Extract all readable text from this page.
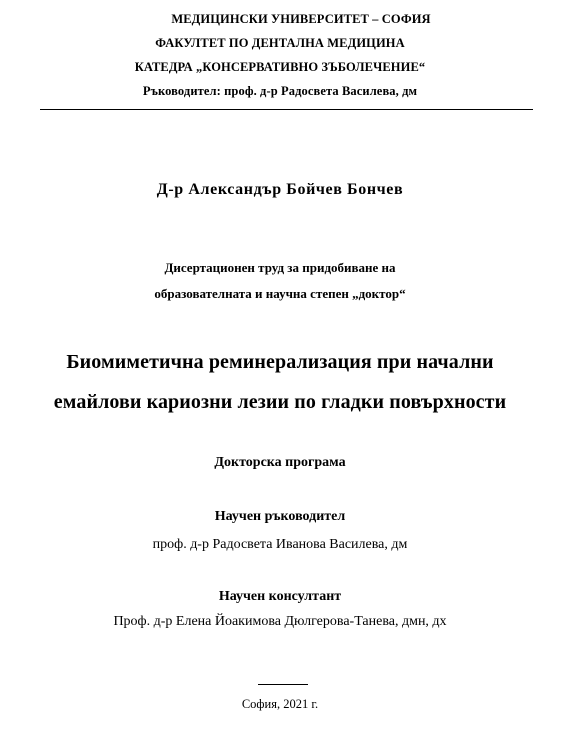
МЕДИЦИНСКИ УНИВЕРСИТЕТ – СОФИЯ
ФАКУЛТЕТ ПО ДЕНТАЛНА МЕДИЦИНА
КАТЕДРА „КОНСЕРВАТИВНО ЗЪБОЛЕЧЕНИЕ“
Ръководител: проф. д-р Радосвета Василева, дм
Д-р Александър Бойчев Бончев
Дисертационен труд за придобиване на
образователната и научна степен „доктор“
Биомиметична реминерализация при начални
емайлови кариозни лезии по гладки повърхности
Докторска програма
Научен ръководител
проф. д-р Радосвета Иванова Василева, дм
Научен консултант
Проф. д-р Елена Йоакимова Дюлгерова-Танева, дмн, дх
София, 2021 г.
